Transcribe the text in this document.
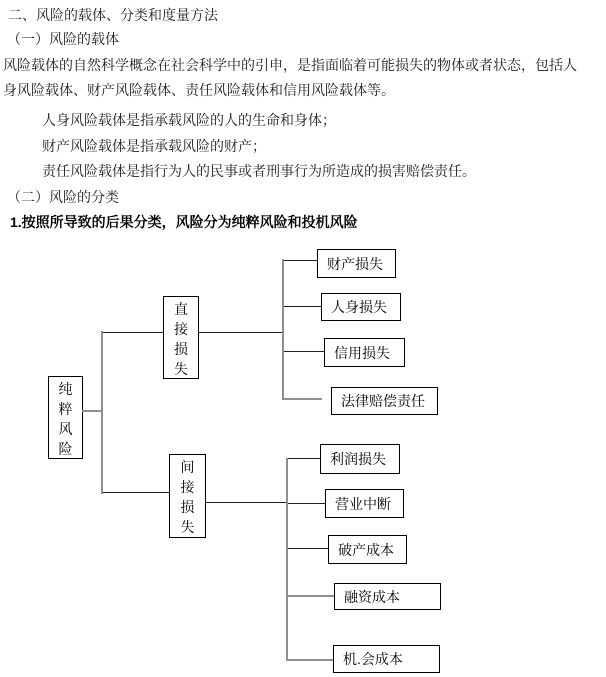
二、风险的载体、分类和度量方法
（一）风险的载体
风险载体的自然科学概念在社会科学中的引申，是指面临着可能损失的物体或者状态，包括人
身风险载体、财产风险载体、责任风险载体和信用风险载体等。
人身风险载体是指承载风险的人的生命和身体；
财产风险载体是指承载风险的财产；
责任风险载体是指行为人的民事或者刑事行为所造成的损害赔偿责任。
（二）风险的分类
1.按照所导致的后果分类，风险分为纯粹风险和投机风险
纯粹风险
直接损失
财产损失
人身损失
信用损失
法律赔偿责任
间接损失
利润损失
营业中断
破产成本
融资成本
机.会成本
